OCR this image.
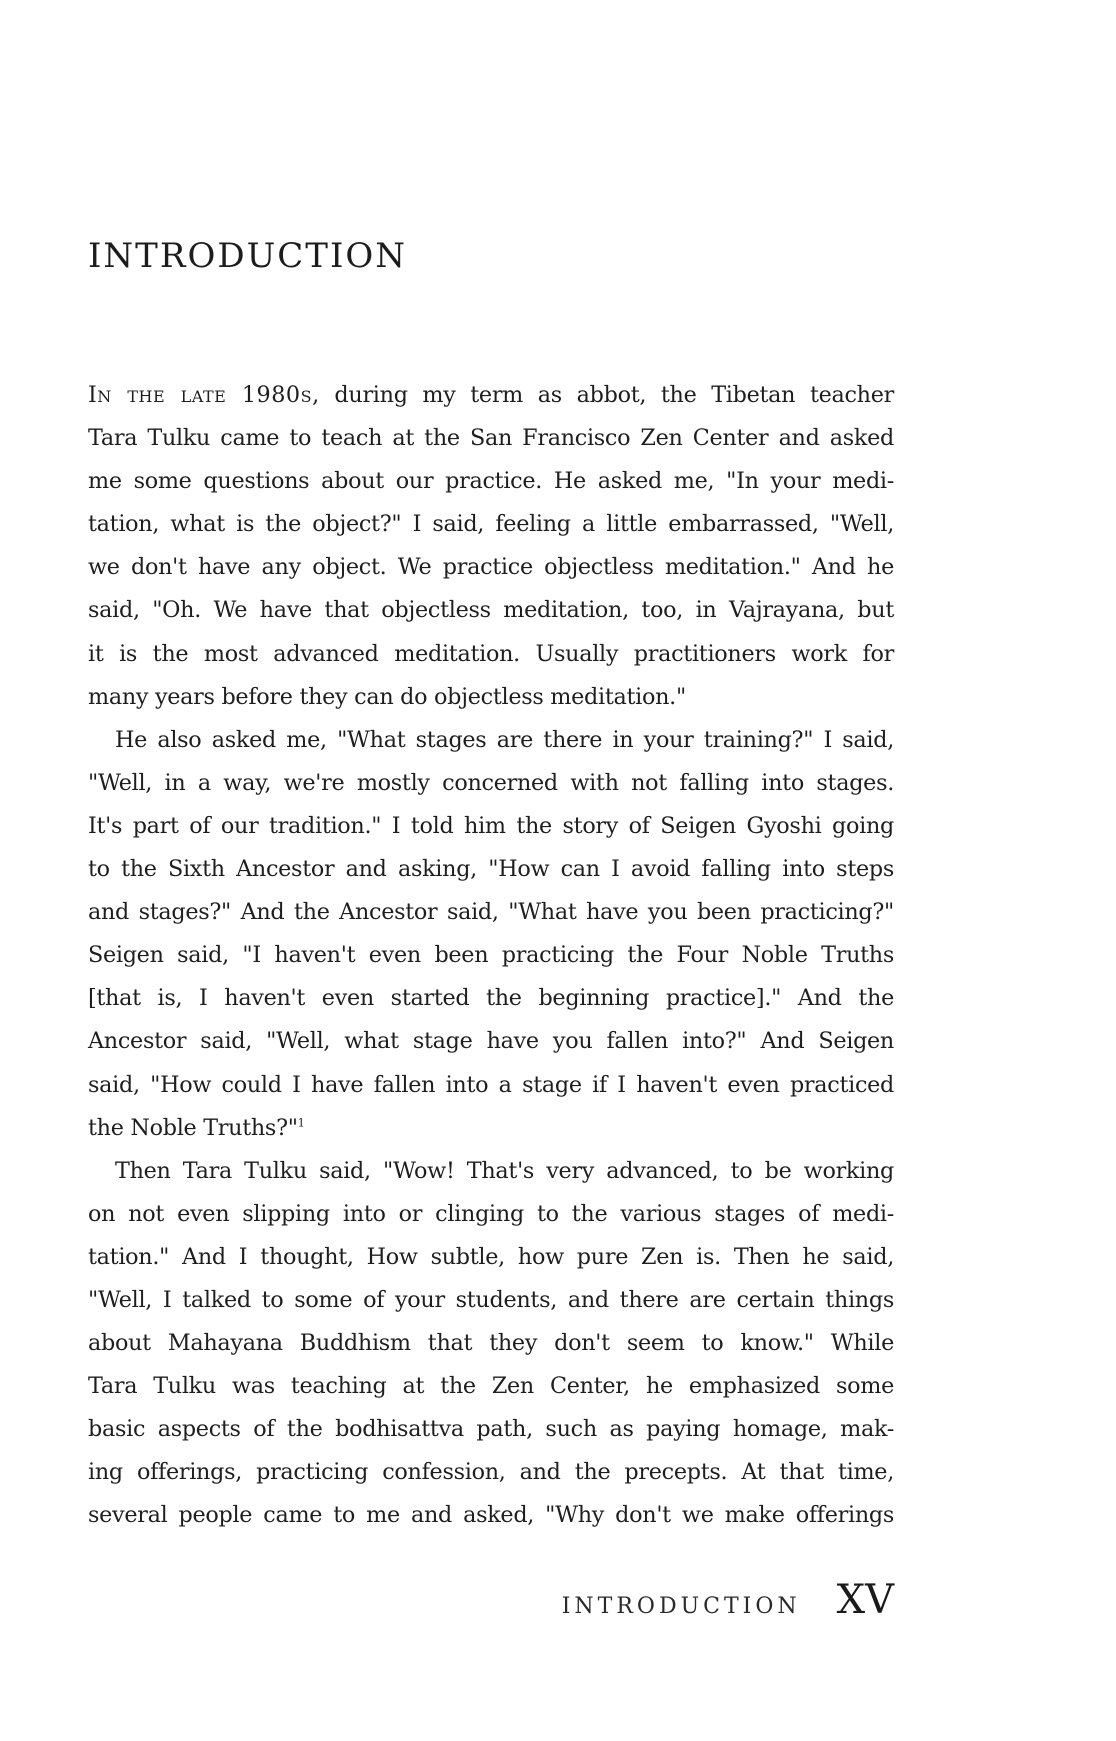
INTRODUCTION
In the late 1980s, during my term as abbot, the Tibetan teacher
Tara Tulku came to teach at the San Francisco Zen Center and asked
me some questions about our practice. He asked me, "In your medi-
tation, what is the object?" I said, feeling a little embarrassed, "Well,
we don't have any object. We practice objectless meditation." And he
said, "Oh. We have that objectless meditation, too, in Vajrayana, but
it is the most advanced meditation. Usually practitioners work for
many years before they can do objectless meditation."
He also asked me, "What stages are there in your training?" I said,
"Well, in a way, we're mostly concerned with not falling into stages.
It's part of our tradition." I told him the story of Seigen Gyoshi going
to the Sixth Ancestor and asking, "How can I avoid falling into steps
and stages?" And the Ancestor said, "What have you been practicing?"
Seigen said, "I haven't even been practicing the Four Noble Truths
[that is, I haven't even started the beginning practice]." And the
Ancestor said, "Well, what stage have you fallen into?" And Seigen
said, "How could I have fallen into a stage if I haven't even practiced
the Noble Truths?"$^1$
Then Tara Tulku said, "Wow! That's very advanced, to be working
on not even slipping into or clinging to the various stages of medi-
tation." And I thought, How subtle, how pure Zen is. Then he said,
"Well, I talked to some of your students, and there are certain things
about Mahayana Buddhism that they don't seem to know." While
Tara Tulku was teaching at the Zen Center, he emphasized some
basic aspects of the bodhisattva path, such as paying homage, mak-
ing offerings, practicing confession, and the precepts. At that time,
several people came to me and asked, "Why don't we make offerings
INTRODUCTION XV
